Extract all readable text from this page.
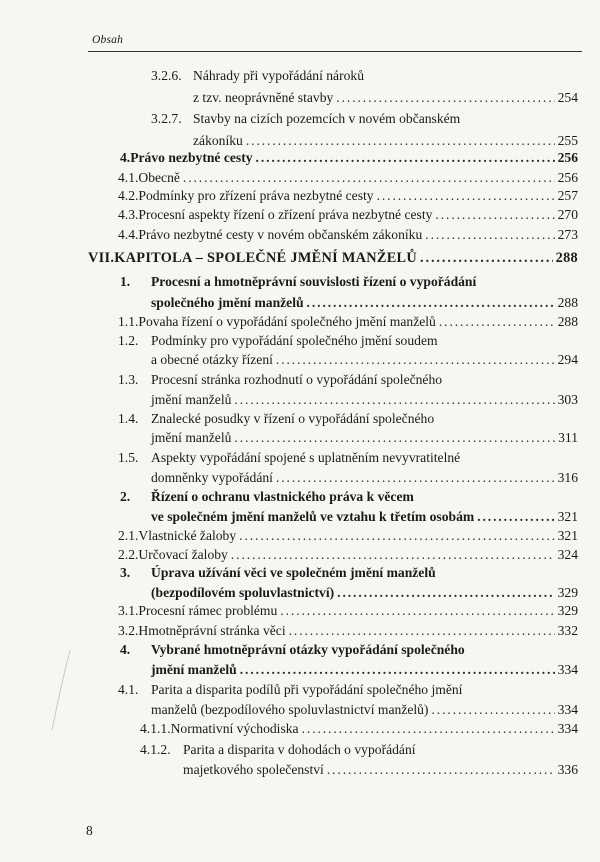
Obsah
3.2.6. Náhrady při vypořádání nároků
z tzv. neoprávněné stavby .....	254
3.2.7. Stavby na cizích pozemcích v novém občanském
zákoníku .....	255
4. Právo nezbytné cesty .....	256
4.1. Obecně .....	256
4.2. Podmínky pro zřízení práva nezbytné cesty .....	257
4.3. Procesní aspekty řízení o zřízení práva nezbytné cesty .....	270
4.4. Právo nezbytné cesty v novém občanském zákoníku .....	273
VII. KAPITOLA – SPOLEČNÉ JMĚNÍ MANŽELŮ .....	288
1.	Procesní a hmotněprávní souvislosti řízení o vypořádání
společného jmění manželů .....	288
1.1. Povaha řízení o vypořádání společného jmění manželů .....	288
1.2. Podmínky pro vypořádání společného jmění soudem
a obecné otázky řízení .....	294
1.3. Procesní stránka rozhodnutí o vypořádání společného
jmění manželů .....	303
1.4. Znalecké posudky v řízení o vypořádání společného
jmění manželů .....	311
1.5. Aspekty vypořádání spojené s uplatněním nevyvratitelné
domněnky vypořádání .....	316
2.	Řízení o ochranu vlastnického práva k věcem
ve společném jmění manželů ve vztahu k třetím osobám .....	321
2.1. Vlastnické žaloby .....	321
2.2. Určovací žaloby .....	324
3.	Úprava užívání věci ve společném jmění manželů
(bezpodílovém spoluvlastnictví) .....	329
3.1. Procesní rámec problému .....	329
3.2. Hmotněprávní stránka věci .....	332
4.	Vybrané hmotněprávní otázky vypořádání společného
jmění manželů .....	334
4.1. Parita a disparita podílů při vypořádání společného jmění
manželů (bezpodílového spoluvlastnictví manželů) .....	334
4.1.1. Normativní východiska .....	334
4.1.2. Parita a disparita v dohodách o vypořádání
majetkového společenství .....	336
8
